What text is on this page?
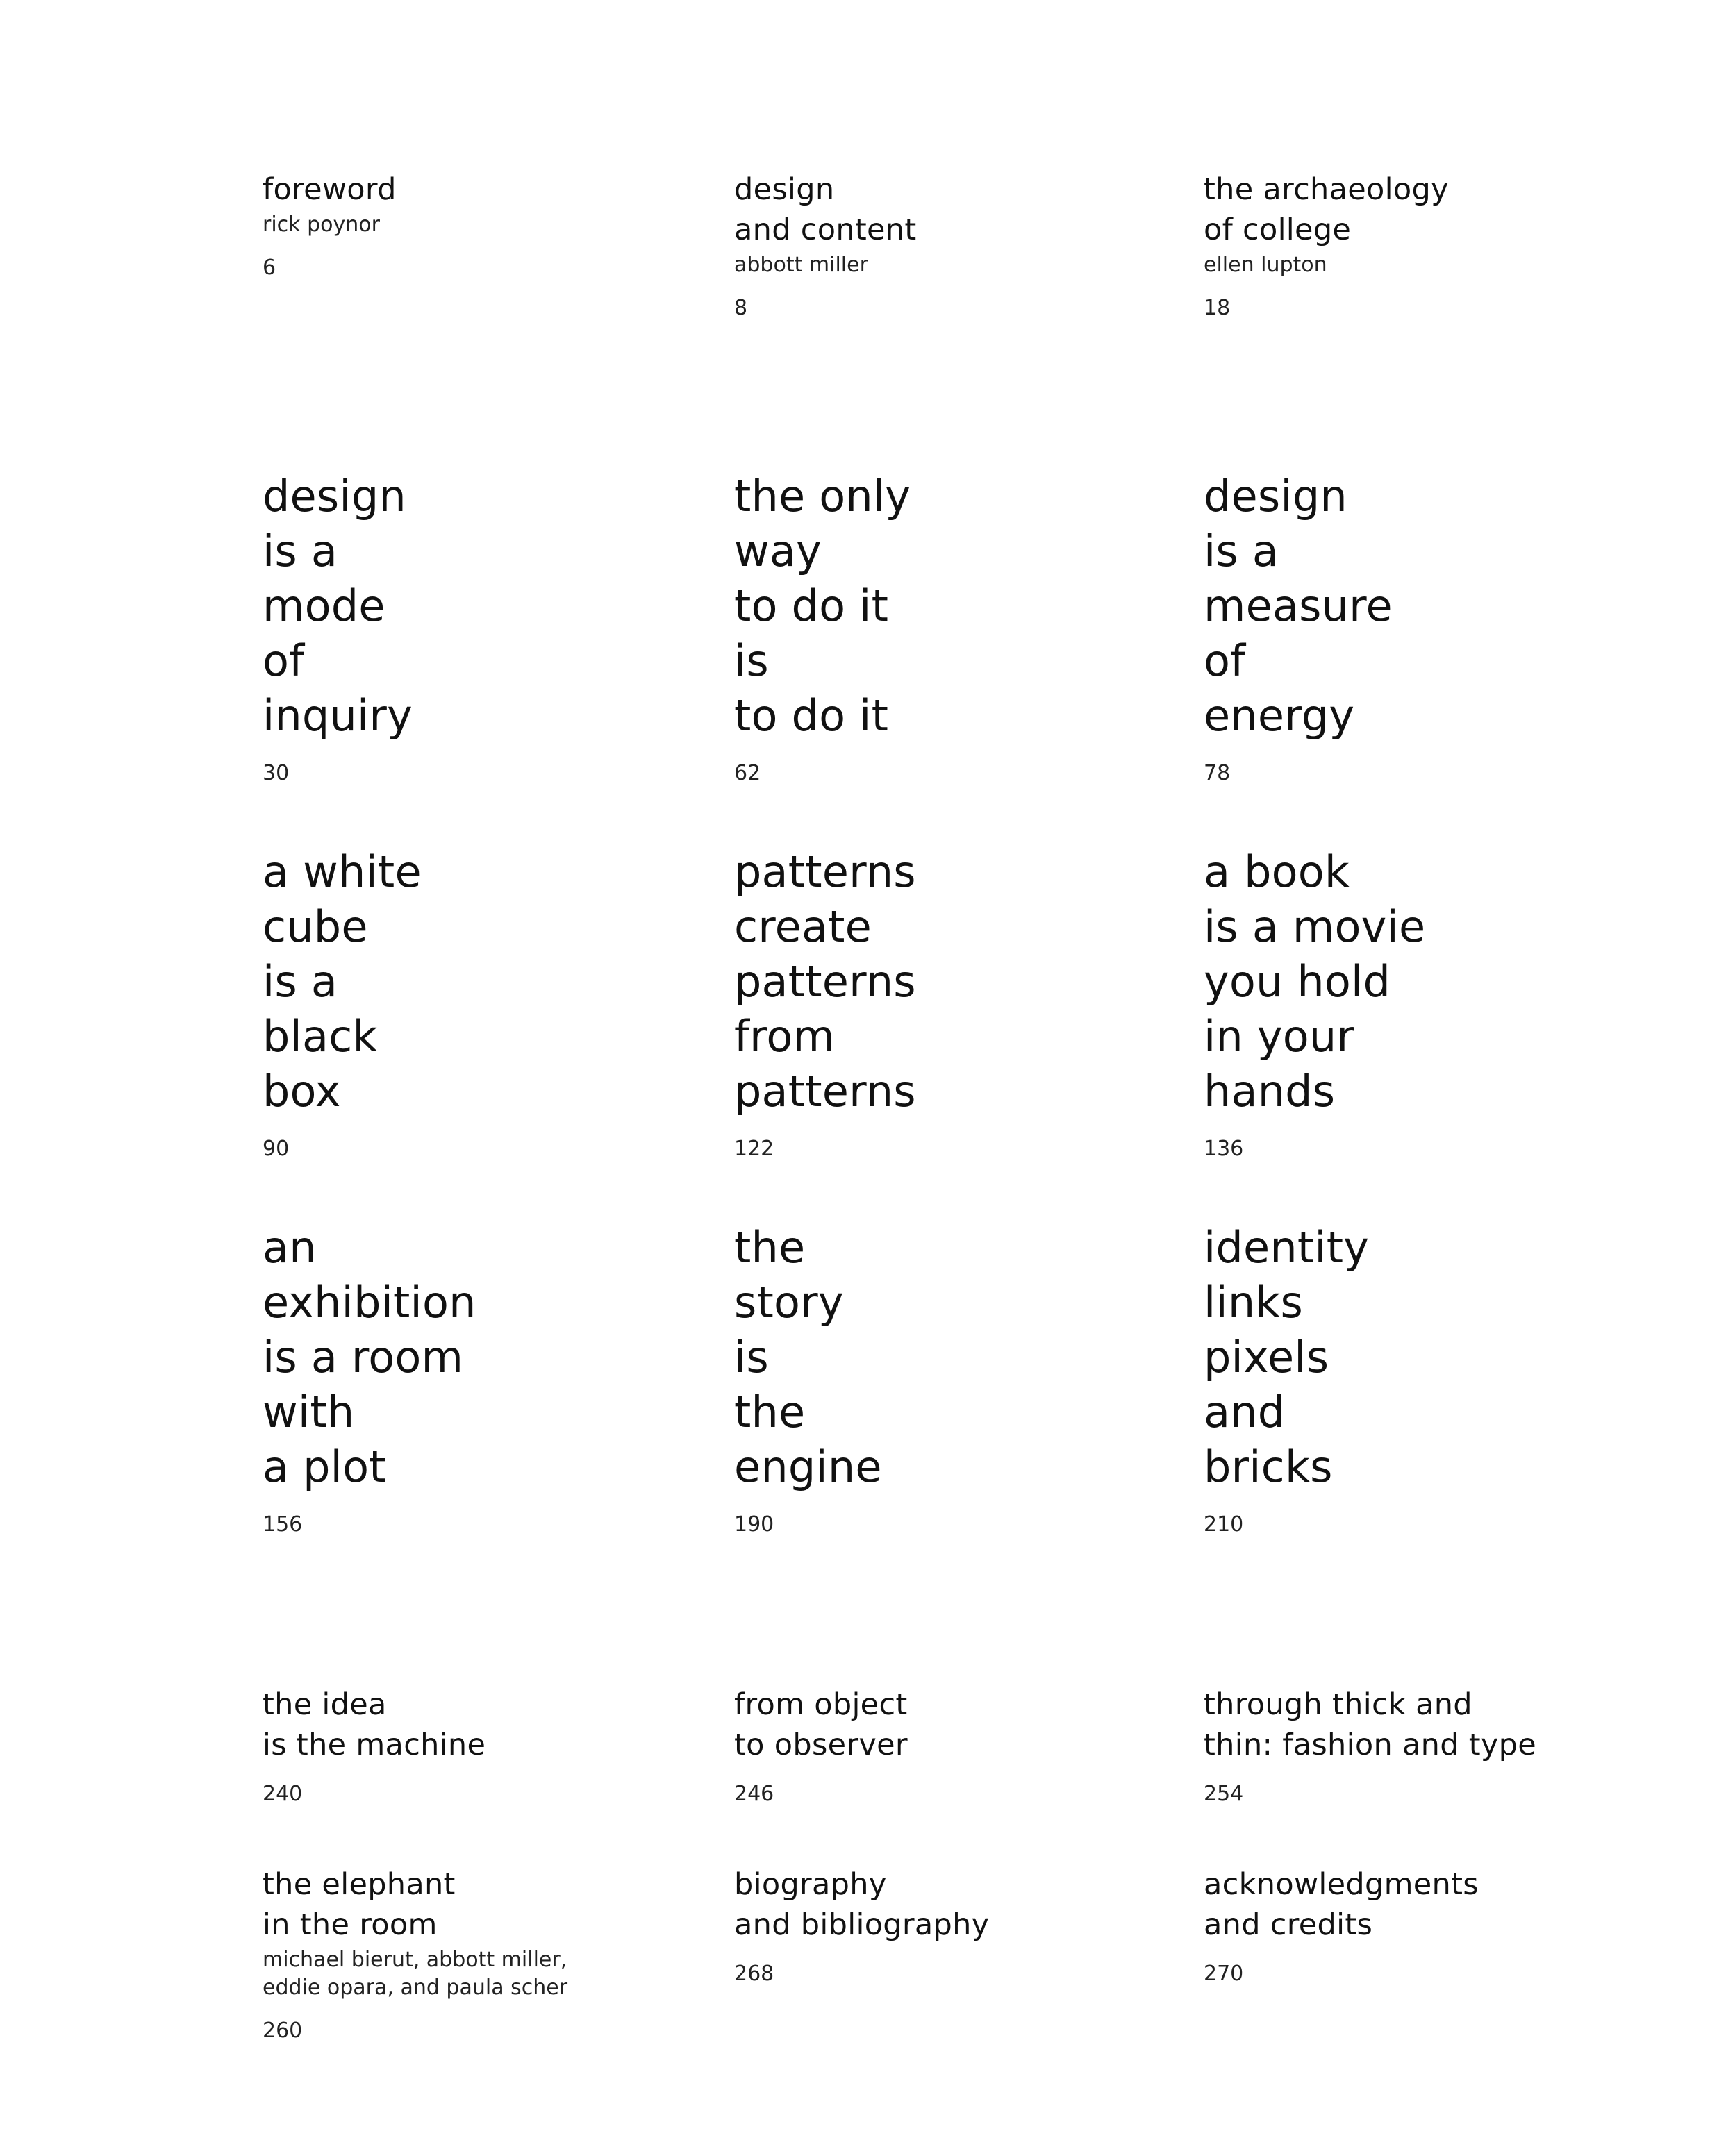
foreword
rick poynor
6
design
and content
abbott miller
8
the archaeology
of college
ellen lupton
18
design
is a
mode
of
inquiry
30
the only
way
to do it
is
to do it
62
design
is a
measure
of
energy
78
a white
cube
is a
black
box
90
patterns
create
patterns
from
patterns
122
a book
is a movie
you hold
in your
hands
136
an
exhibition
is a room
with
a plot
156
the
story
is
the
engine
190
identity
links
pixels
and
bricks
210
the idea
is the machine
240
from object
to observer
246
through thick and
thin: fashion and type
254
the elephant
in the room
michael bierut, abbott miller,
eddie opara, and paula scher
260
biography
and bibliography
268
acknowledgments
and credits
270
